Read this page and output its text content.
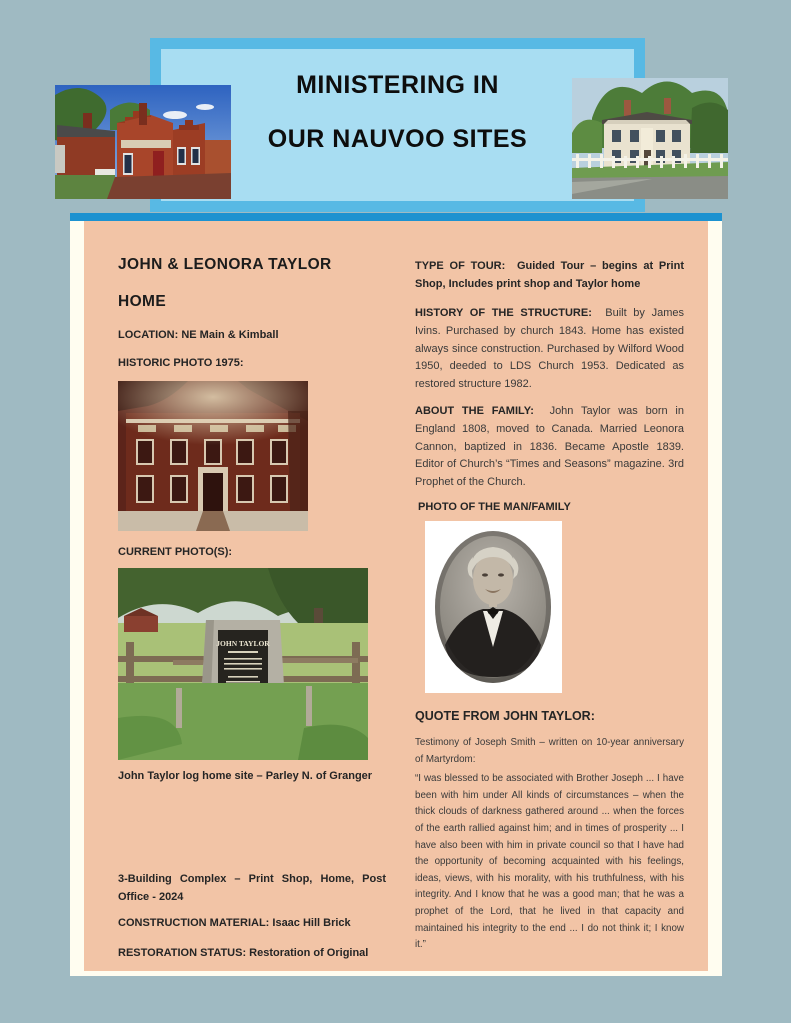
MINISTERING IN
OUR NAUVOO SITES
JOHN & LEONORA TAYLOR
HOME
LOCATION: NE Main & Kimball
HISTORIC PHOTO 1975:
CURRENT PHOTO(S):
JOHN TAYLOR
John Taylor log home site – Parley N. of Granger

3-Building Complex – Print Shop, Home, Post Office - 2024

CONSTRUCTION MATERIAL: Isaac Hill Brick
RESTORATION STATUS: Restoration of Original

TYPE OF TOUR: Guided Tour – begins at Print Shop, Includes print shop and Taylor home

HISTORY OF THE STRUCTURE: Built by James Ivins. Purchased by church 1843. Home has existed always since construction. Purchased by Wilford Wood 1950, deeded to LDS Church 1953. Dedicated as restored structure 1982.

ABOUT THE FAMILY: John Taylor was born in England 1808, moved to Canada. Married Leonora Cannon, baptized in 1836. Became Apostle 1839. Editor of Church’s “Times and Seasons” magazine. 3rd Prophet of the Church.

PHOTO OF THE MAN/FAMILY
QUOTE FROM JOHN TAYLOR:

Testimony of Joseph Smith – written on 10-year anniversary of Martyrdom:

“I was blessed to be associated with Brother Joseph ... I have been with him under All kinds of circumstances – when the thick clouds of darkness gathered around ... when the forces of the earth rallied against him; and in times of prosperity ... I have also been with him in private council so that I have had the opportunity of becoming acquainted with his feelings, ideas, views, with his morality, with his truthfulness, with his integrity. And I know that he was a good man; that he was a prophet of the Lord, that he lived in that capacity and maintained his integrity to the end ... I do not think it; I know it.”
